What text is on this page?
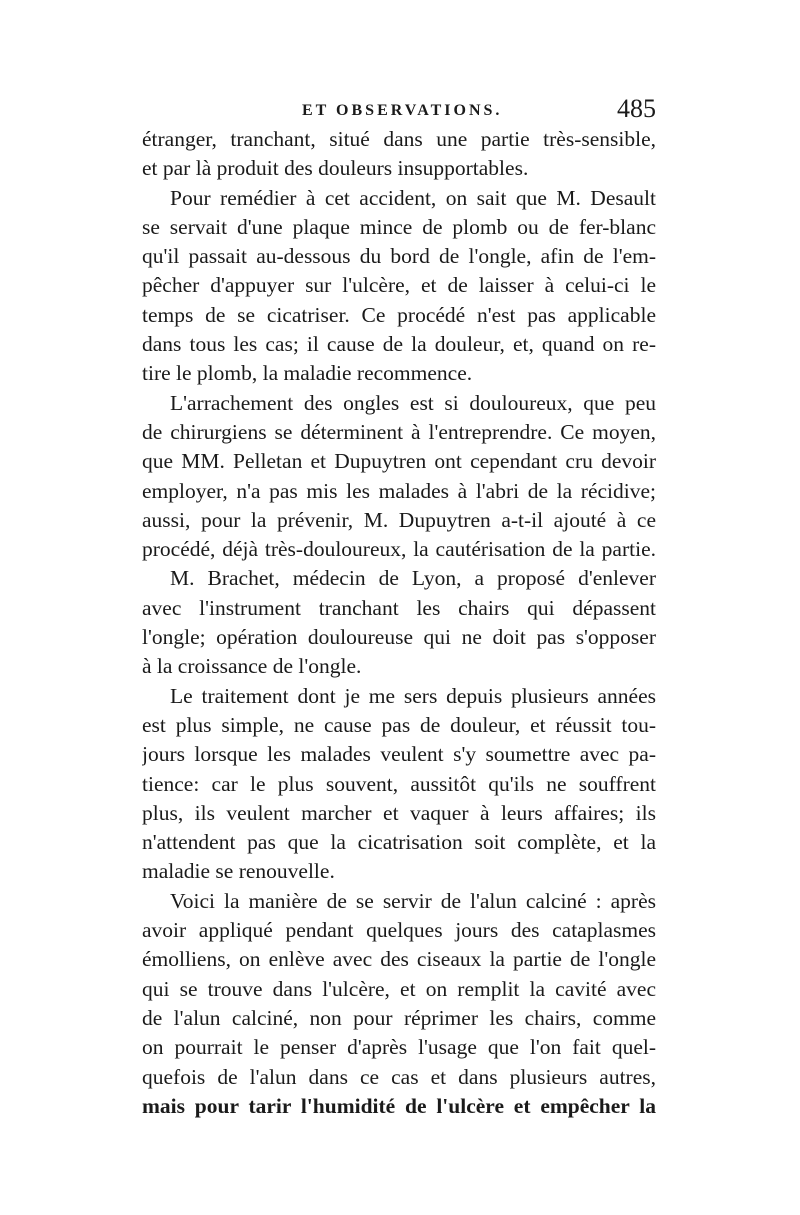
ET OBSERVATIONS.	485
étranger, tranchant, situé dans une partie très-sensible,
et par là produit des douleurs insupportables.
Pour remédier à cet accident, on sait que M. Desault
se servait d'une plaque mince de plomb ou de fer-blanc
qu'il passait au-dessous du bord de l'ongle, afin de l'em-
pêcher d'appuyer sur l'ulcère, et de laisser à celui-ci le
temps de se cicatriser. Ce procédé n'est pas applicable
dans tous les cas; il cause de la douleur, et, quand on re-
tire le plomb, la maladie recommence.
L'arrachement des ongles est si douloureux, que peu
de chirurgiens se déterminent à l'entreprendre. Ce moyen,
que MM. Pelletan et Dupuytren ont cependant cru devoir
employer, n'a pas mis les malades à l'abri de la récidive;
aussi, pour la prévenir, M. Dupuytren a-t-il ajouté à ce
procédé, déjà très-douloureux, la cautérisation de la partie.
M. Brachet, médecin de Lyon, a proposé d'enlever
avec l'instrument tranchant les chairs qui dépassent
l'ongle; opération douloureuse qui ne doit pas s'opposer
à la croissance de l'ongle.
Le traitement dont je me sers depuis plusieurs années
est plus simple, ne cause pas de douleur, et réussit tou-
jours lorsque les malades veulent s'y soumettre avec pa-
tience: car le plus souvent, aussitôt qu'ils ne souffrent
plus, ils veulent marcher et vaquer à leurs affaires; ils
n'attendent pas que la cicatrisation soit complète, et la
maladie se renouvelle.
Voici la manière de se servir de l'alun calciné : après
avoir appliqué pendant quelques jours des cataplasmes
émolliens, on enlève avec des ciseaux la partie de l'ongle
qui se trouve dans l'ulcère, et on remplit la cavité avec
de l'alun calciné, non pour réprimer les chairs, comme
on pourrait le penser d'après l'usage que l'on fait quel-
quefois de l'alun dans ce cas et dans plusieurs autres,
mais pour tarir l'humidité de l'ulcère et empêcher la
